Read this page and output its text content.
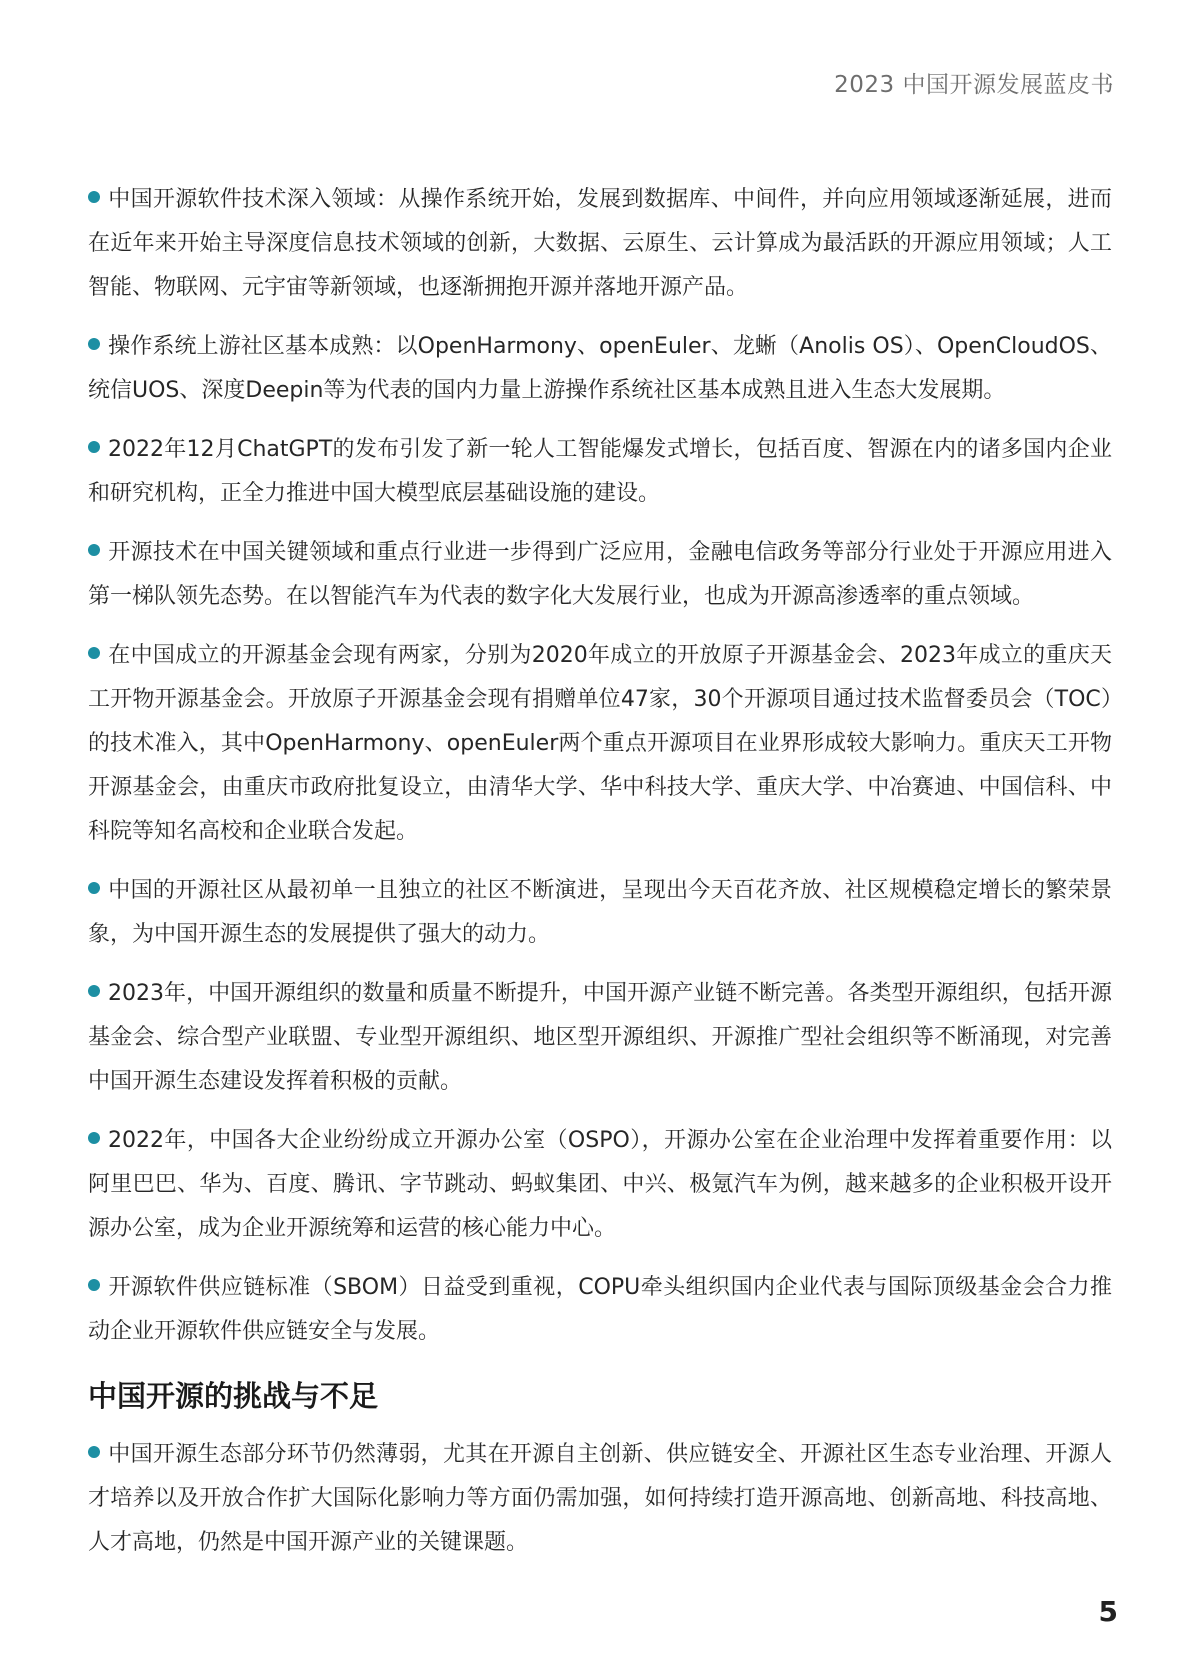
2023 中国开源发展蓝皮书

中国开源软件技术深入领域：从操作系统开始，发展到数据库、中间件，并向应用领域逐渐延展，进而在近年来开始主导深度信息技术领域的创新，大数据、云原生、云计算成为最活跃的开源应用领域；人工智能、物联网、元宇宙等新领域，也逐渐拥抱开源并落地开源产品。

操作系统上游社区基本成熟：以OpenHarmony、openEuler、龙蜥（Anolis OS）、OpenCloudOS、统信UOS、深度Deepin等为代表的国内力量上游操作系统社区基本成熟且进入生态大发展期。

2022年12月ChatGPT的发布引发了新一轮人工智能爆发式增长，包括百度、智源在内的诸多国内企业和研究机构，正全力推进中国大模型底层基础设施的建设。

开源技术在中国关键领域和重点行业进一步得到广泛应用，金融电信政务等部分行业处于开源应用进入第一梯队领先态势。在以智能汽车为代表的数字化大发展行业，也成为开源高渗透率的重点领域。

在中国成立的开源基金会现有两家，分别为2020年成立的开放原子开源基金会、2023年成立的重庆天工开物开源基金会。开放原子开源基金会现有捐赠单位47家，30个开源项目通过技术监督委员会（TOC）的技术准入，其中OpenHarmony、openEuler两个重点开源项目在业界形成较大影响力。重庆天工开物开源基金会，由重庆市政府批复设立，由清华大学、华中科技大学、重庆大学、中冶赛迪、中国信科、中科院等知名高校和企业联合发起。

中国的开源社区从最初单一且独立的社区不断演进，呈现出今天百花齐放、社区规模稳定增长的繁荣景象，为中国开源生态的发展提供了强大的动力。

2023年，中国开源组织的数量和质量不断提升，中国开源产业链不断完善。各类型开源组织，包括开源基金会、综合型产业联盟、专业型开源组织、地区型开源组织、开源推广型社会组织等不断涌现，对完善中国开源生态建设发挥着积极的贡献。

2022年，中国各大企业纷纷成立开源办公室（OSPO），开源办公室在企业治理中发挥着重要作用：以阿里巴巴、华为、百度、腾讯、字节跳动、蚂蚁集团、中兴、极氪汽车为例，越来越多的企业积极开设开源办公室，成为企业开源统筹和运营的核心能力中心。

开源软件供应链标准（SBOM）日益受到重视，COPU牵头组织国内企业代表与国际顶级基金会合力推动企业开源软件供应链安全与发展。

中国开源的挑战与不足

中国开源生态部分环节仍然薄弱，尤其在开源自主创新、供应链安全、开源社区生态专业治理、开源人才培养以及开放合作扩大国际化影响力等方面仍需加强，如何持续打造开源高地、创新高地、科技高地、人才高地，仍然是中国开源产业的关键课题。

5
